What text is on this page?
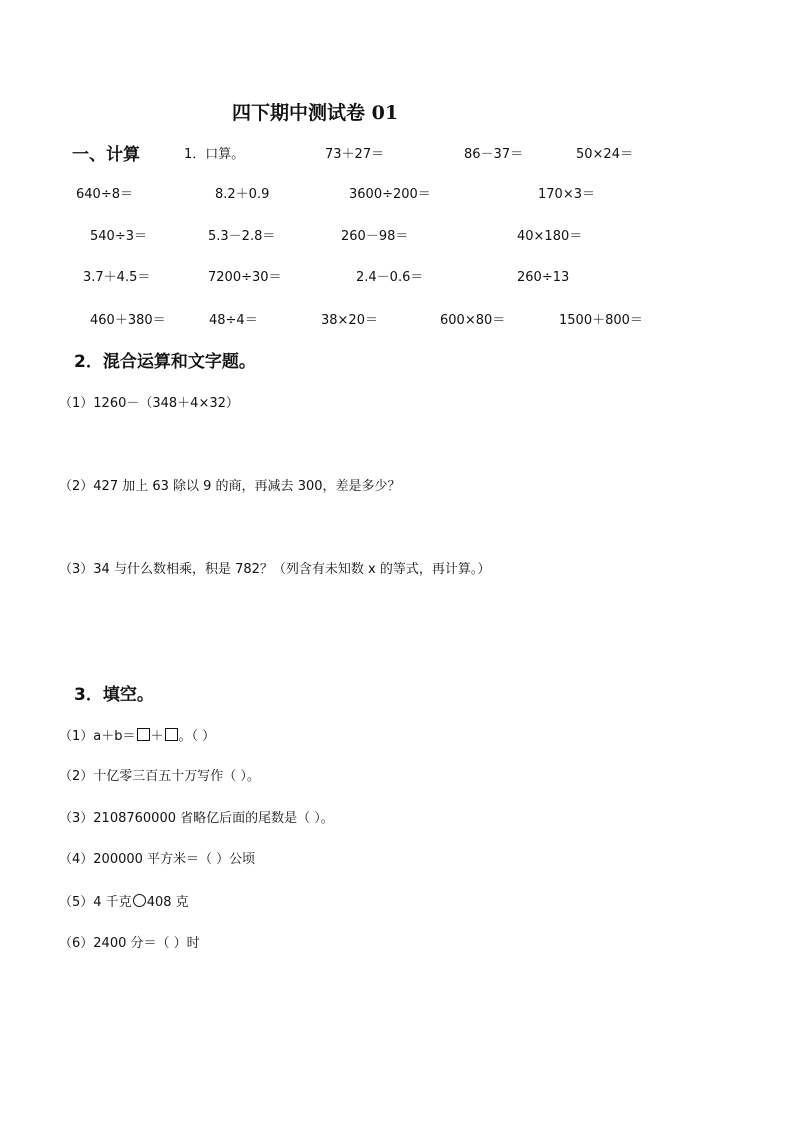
四下期中测试卷 01
一、计算	1．口算。	73＋27＝	86－37＝	50×24＝
640÷8＝	8.2＋0.9	3600÷200＝	170×3＝
540÷3＝	5.3－2.8＝	260－98＝	40×180＝
3.7＋4.5＝	7200÷30＝	2.4－0.6＝	260÷13
460＋380＝	48÷4＝	38×20＝	600×80＝	1500＋800＝
2．混合运算和文字题。
（1）1260－（348＋4×32）
（2）427 加上 63 除以 9 的商，再减去 300，差是多少？
（3）34 与什么数相乘，积是 782？（列含有未知数 x 的等式，再计算。）
3．填空。
（1）a＋b＝ ＋ 。（ ）
（2）十亿零三百五十万写作（ ）。
（3）2108760000 省略亿后面的尾数是（ ）。
（4）200000 平方米＝（ ）公顷
（5）4 千克 408 克
（6）2400 分＝（ ）时
